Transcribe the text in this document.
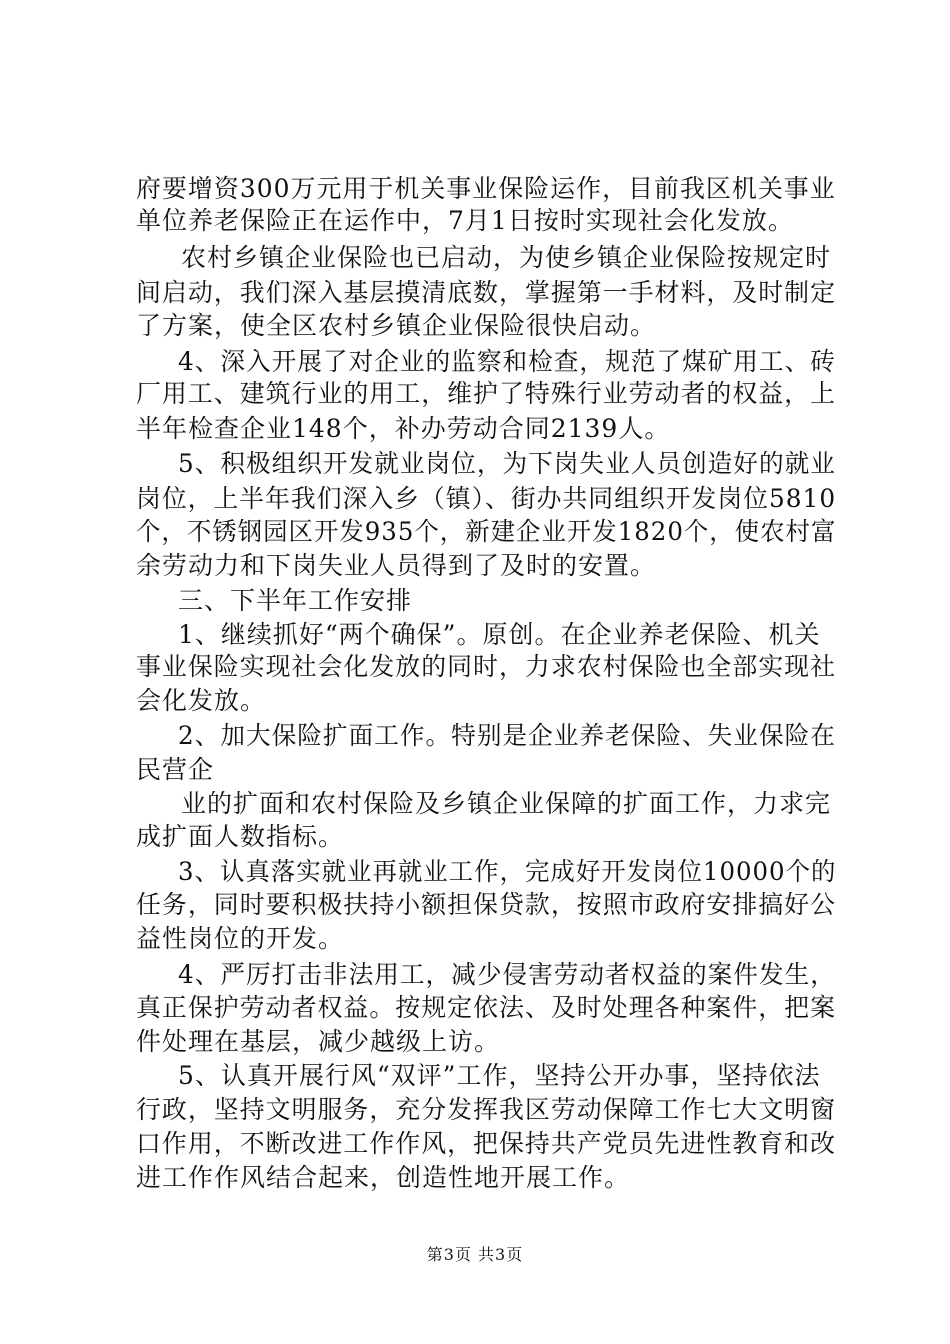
府要增资300万元用于机关事业保险运作，目前我区机关事业
单位养老保险正在运作中，7月1日按时实现社会化发放。
农村乡镇企业保险也已启动，为使乡镇企业保险按规定时
间启动，我们深入基层摸清底数，掌握第一手材料，及时制定
了方案，使全区农村乡镇企业保险很快启动。
4、深入开展了对企业的监察和检查，规范了煤矿用工、砖
厂用工、建筑行业的用工，维护了特殊行业劳动者的权益，上
半年检查企业148个，补办劳动合同2139人。
5、积极组织开发就业岗位，为下岗失业人员创造好的就业
岗位，上半年我们深入乡（镇）、街办共同组织开发岗位5810
个，不锈钢园区开发935个，新建企业开发1820个，使农村富
余劳动力和下岗失业人员得到了及时的安置。
三、下半年工作安排
1、继续抓好“两个确保”。原创。在企业养老保险、机关
事业保险实现社会化发放的同时，力求农村保险也全部实现社
会化发放。
2、加大保险扩面工作。特别是企业养老保险、失业保险在
民营企
业的扩面和农村保险及乡镇企业保障的扩面工作，力求完
成扩面人数指标。
3、认真落实就业再就业工作，完成好开发岗位10000个的
任务，同时要积极扶持小额担保贷款，按照市政府安排搞好公
益性岗位的开发。
4、严厉打击非法用工，减少侵害劳动者权益的案件发生，
真正保护劳动者权益。按规定依法、及时处理各种案件，把案
件处理在基层，减少越级上访。
5、认真开展行风“双评”工作，坚持公开办事，坚持依法
行政，坚持文明服务，充分发挥我区劳动保障工作七大文明窗
口作用，不断改进工作作风，把保持共产党员先进性教育和改
进工作作风结合起来，创造性地开展工作。
第3页 共3页
